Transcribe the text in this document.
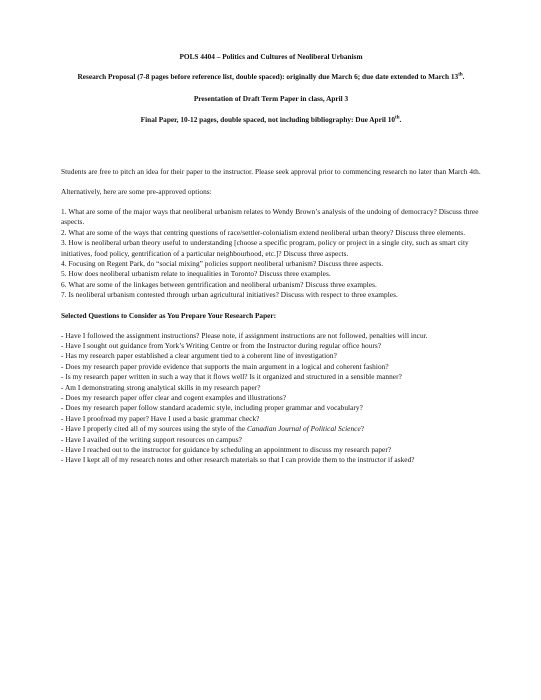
POLS 4404 – Politics and Cultures of Neoliberal Urbanism

Research Proposal (7-8 pages before reference list, double spaced): originally due March 6; due date extended to March 13th.

Presentation of Draft Term Paper in class, April 3

Final Paper, 10-12 pages, double spaced, not including bibliography: Due April 10th.

Students are free to pitch an idea for their paper to the instructor. Please seek approval prior to commencing research no later than March 4th.

Alternatively, here are some pre-approved options:

1. What are some of the major ways that neoliberal urbanism relates to Wendy Brown’s analysis of the undoing of democracy? Discuss three aspects.

2. What are some of the ways that centring questions of race/settler-colonialism extend neoliberal urban theory? Discuss three elements.

3. How is neoliberal urban theory useful to understanding [choose a specific program, policy or project in a single city, such as smart city initiatives, food policy, gentrification of a particular neighbourhood, etc.]? Discuss three aspects.

4. Focusing on Regent Park, do “social mixing” policies support neoliberal urbanism? Discuss three aspects.

5. How does neoliberal urbanism relate to inequalities in Toronto? Discuss three examples.

6. What are some of the linkages between gentrification and neoliberal urbanism? Discuss three examples.

7. Is neoliberal urbanism contested through urban agricultural initiatives? Discuss with respect to three examples.

Selected Questions to Consider as You Prepare Your Research Paper:

- Have I followed the assignment instructions? Please note, if assignment instructions are not followed, penalties will incur.

- Have I sought out guidance from York’s Writing Centre or from the Instructor during regular office hours?

- Has my research paper established a clear argument tied to a coherent line of investigation?

- Does my research paper provide evidence that supports the main argument in a logical and coherent fashion?

- Is my research paper written in such a way that it flows well? Is it organized and structured in a sensible manner?

- Am I demonstrating strong analytical skills in my research paper?

- Does my research paper offer clear and cogent examples and illustrations?

- Does my research paper follow standard academic style, including proper grammar and vocabulary?

- Have I proofread my paper? Have I used a basic grammar check?

- Have I properly cited all of my sources using the style of the Canadian Journal of Political Science?

- Have I availed of the writing support resources on campus?

- Have I reached out to the instructor for guidance by scheduling an appointment to discuss my research paper?

- Have I kept all of my research notes and other research materials so that I can provide them to the instructor if asked?
